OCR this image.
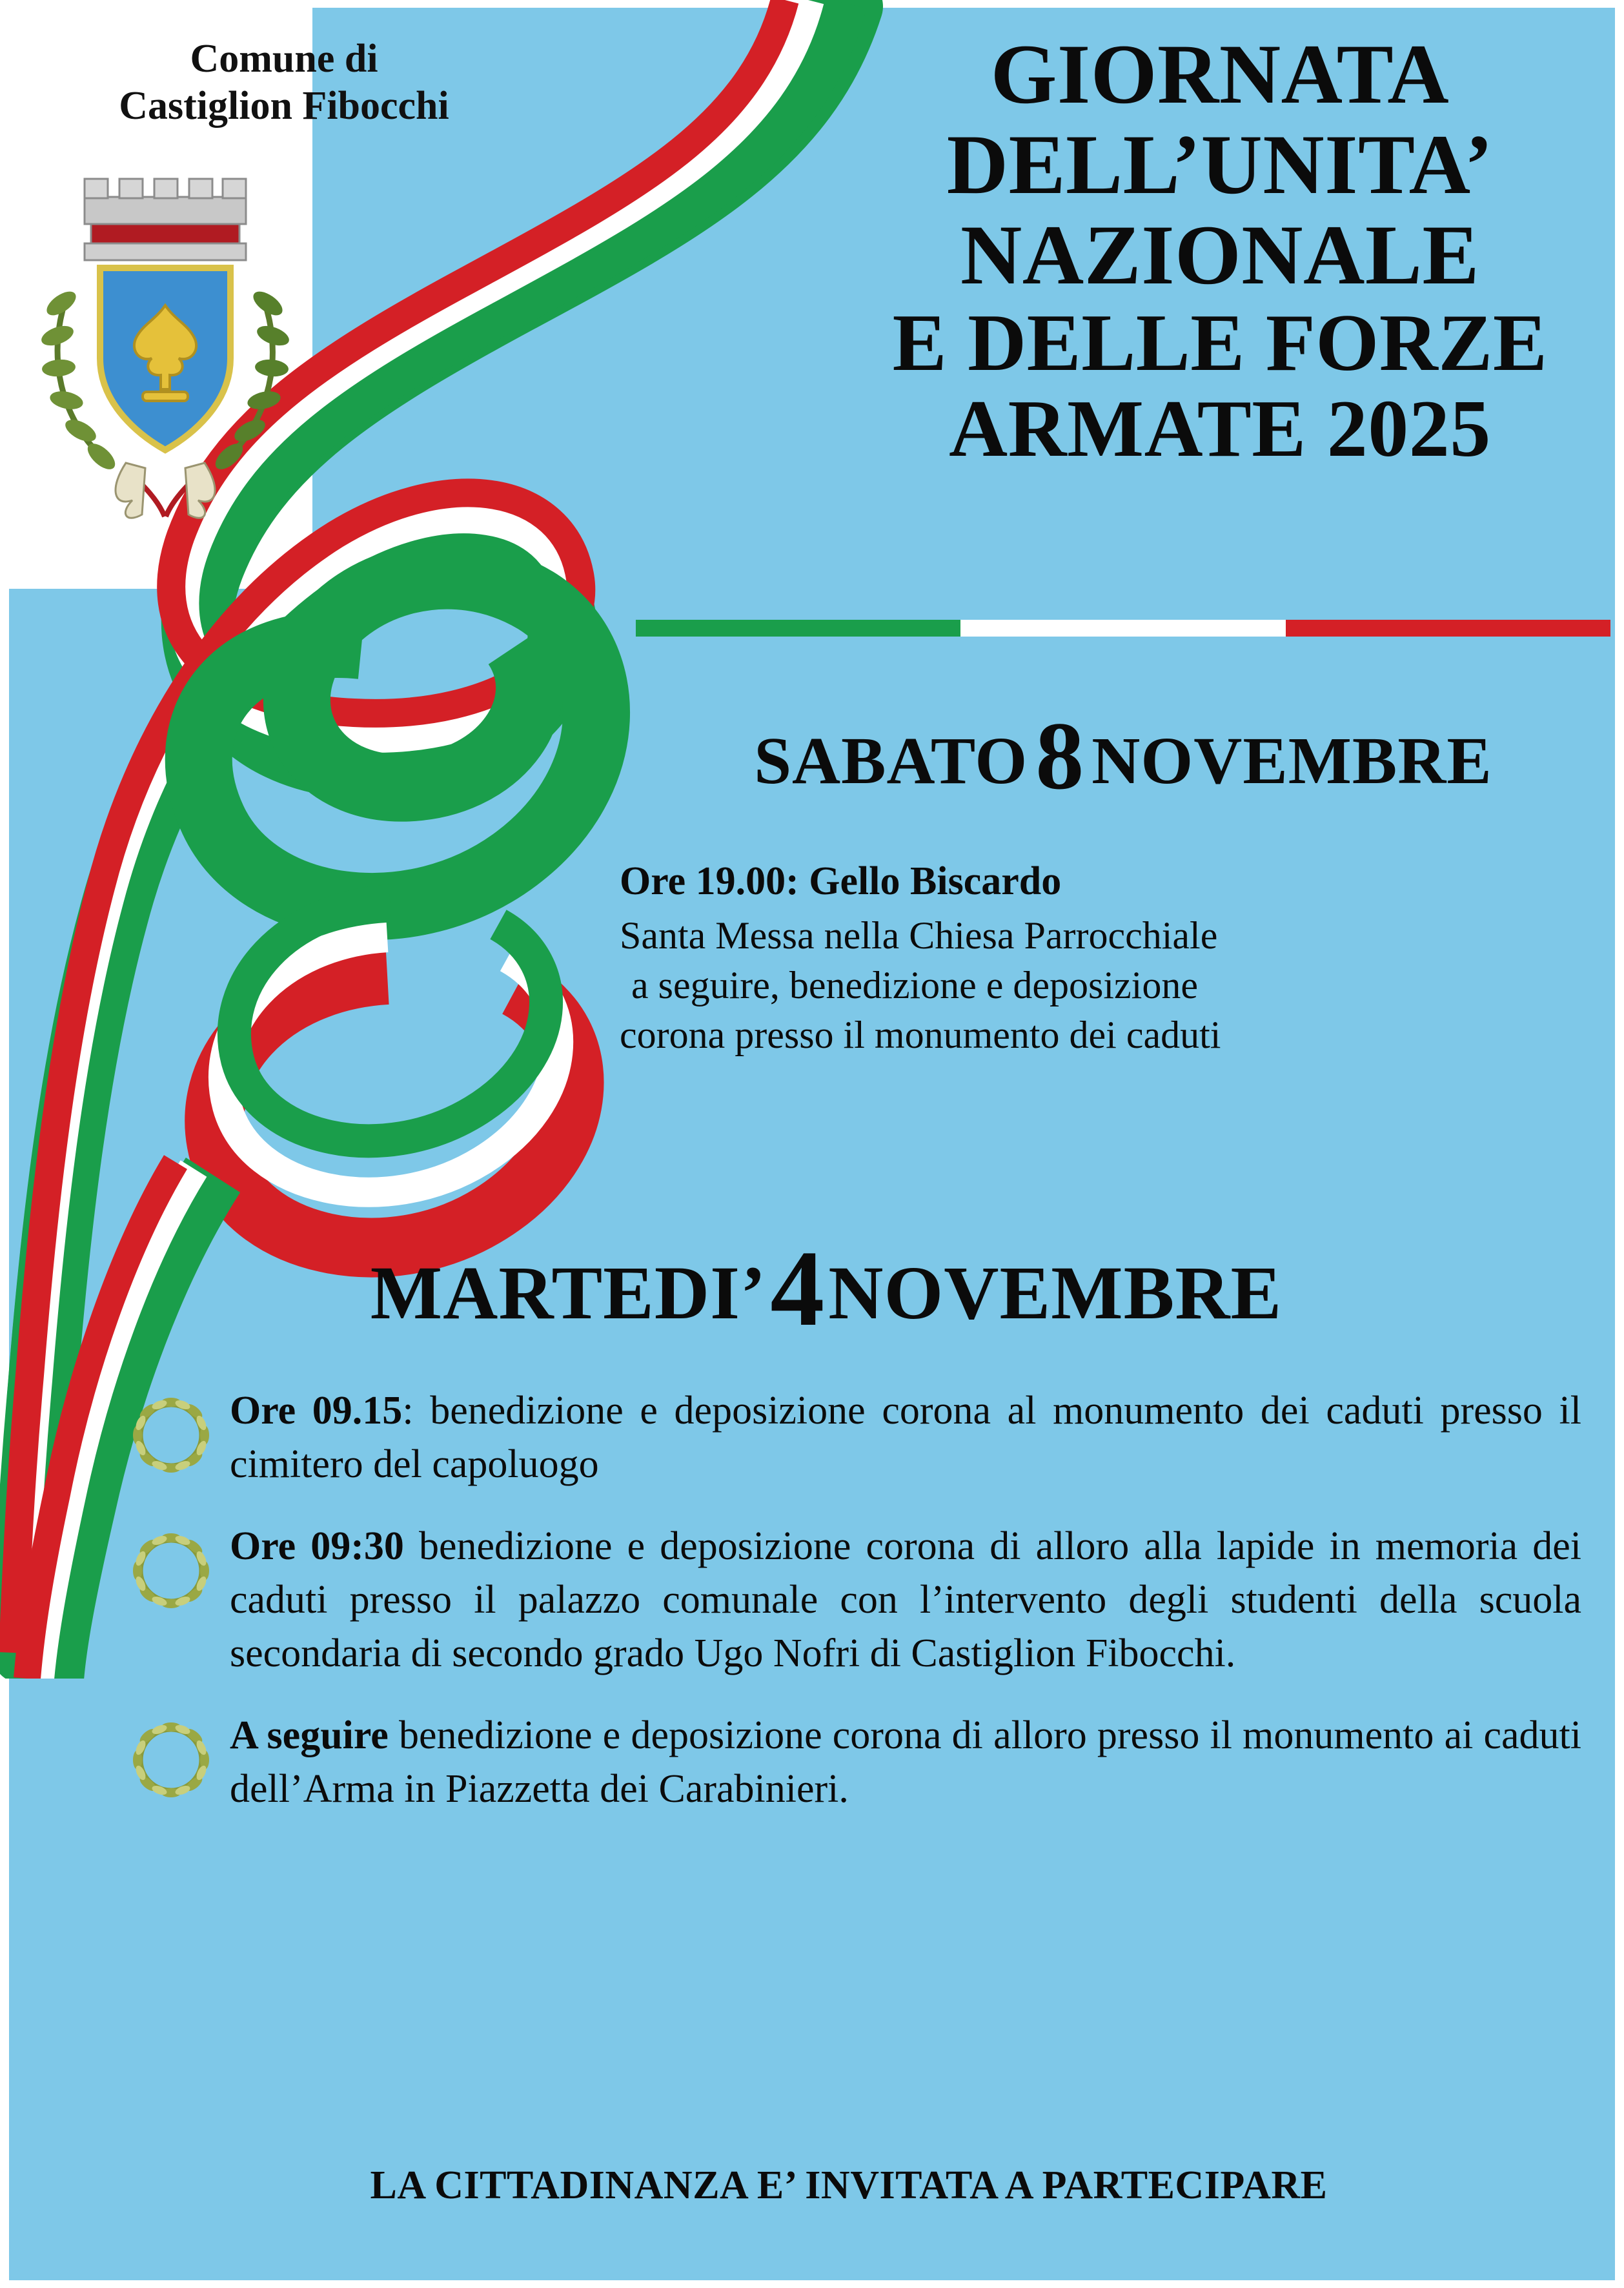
Comune di
Castiglion Fibocchi	GIORNATA
DELL’UNITA’
NAZIONALE
E DELLE FORZE
ARMATE 2025
SABATO8 NOVEMBRE
Ore 19.00: Gello Biscardo
Santa Messa nella Chiesa Parrocchiale
a seguire, benedizione e deposizione
corona presso il monumento dei caduti
MARTEDI’4NOVEMBRE
Ore 09.15: benedizione e deposizione corona al monumento dei caduti presso il cimitero del capoluogo
Ore 09:30 benedizione e deposizione corona di alloro alla lapide in memoria dei caduti presso il palazzo comunale con l’intervento degli studenti della scuola secondaria di secondo grado Ugo Nofri di Castiglion Fibocchi.
A seguire benedizione e deposizione corona di alloro presso il monumento ai caduti dell’Arma in Piazzetta dei Carabinieri.
LA CITTADINANZA E’ INVITATA A PARTECIPARE
